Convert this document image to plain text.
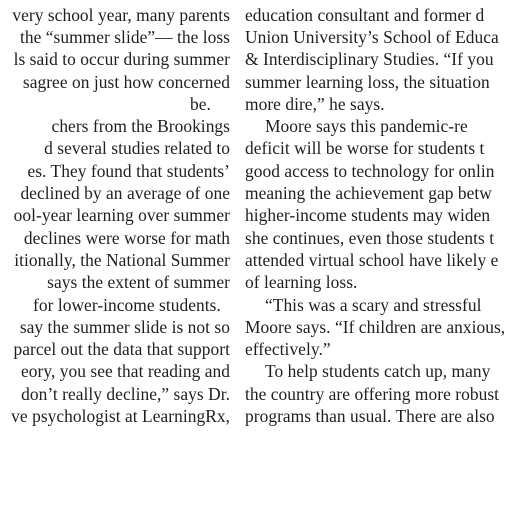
very school year, many parents
the “summer slide”— the loss
ls said to occur during summer
sagree on just how concerned
be.
chers from the Brookings
d several studies related to
es. They found that students’
declined by an average of one
ool-year learning over summer
declines were worse for math
itionally, the National Summer
says the extent of summer
for lower-income students.
say the summer slide is not so
parcel out the data that support
eory, you see that reading and
don’t really decline,” says Dr.
ve psychologist at LearningRx,
education consultant and former d
Union University’s School of Educa
& Interdisciplinary Studies. “If you
summer learning loss, the situation
more dire,” he says.
Moore says this pandemic-re
deficit will be worse for students t
good access to technology for onlin
meaning the achievement gap betw
higher-income students may widen
she continues, even those students t
attended virtual school have likely e
of learning loss.
“This was a scary and stressful
Moore says. “If children are anxious,
effectively.”
To help students catch up, many
the country are offering more robust
programs than usual. There are also
